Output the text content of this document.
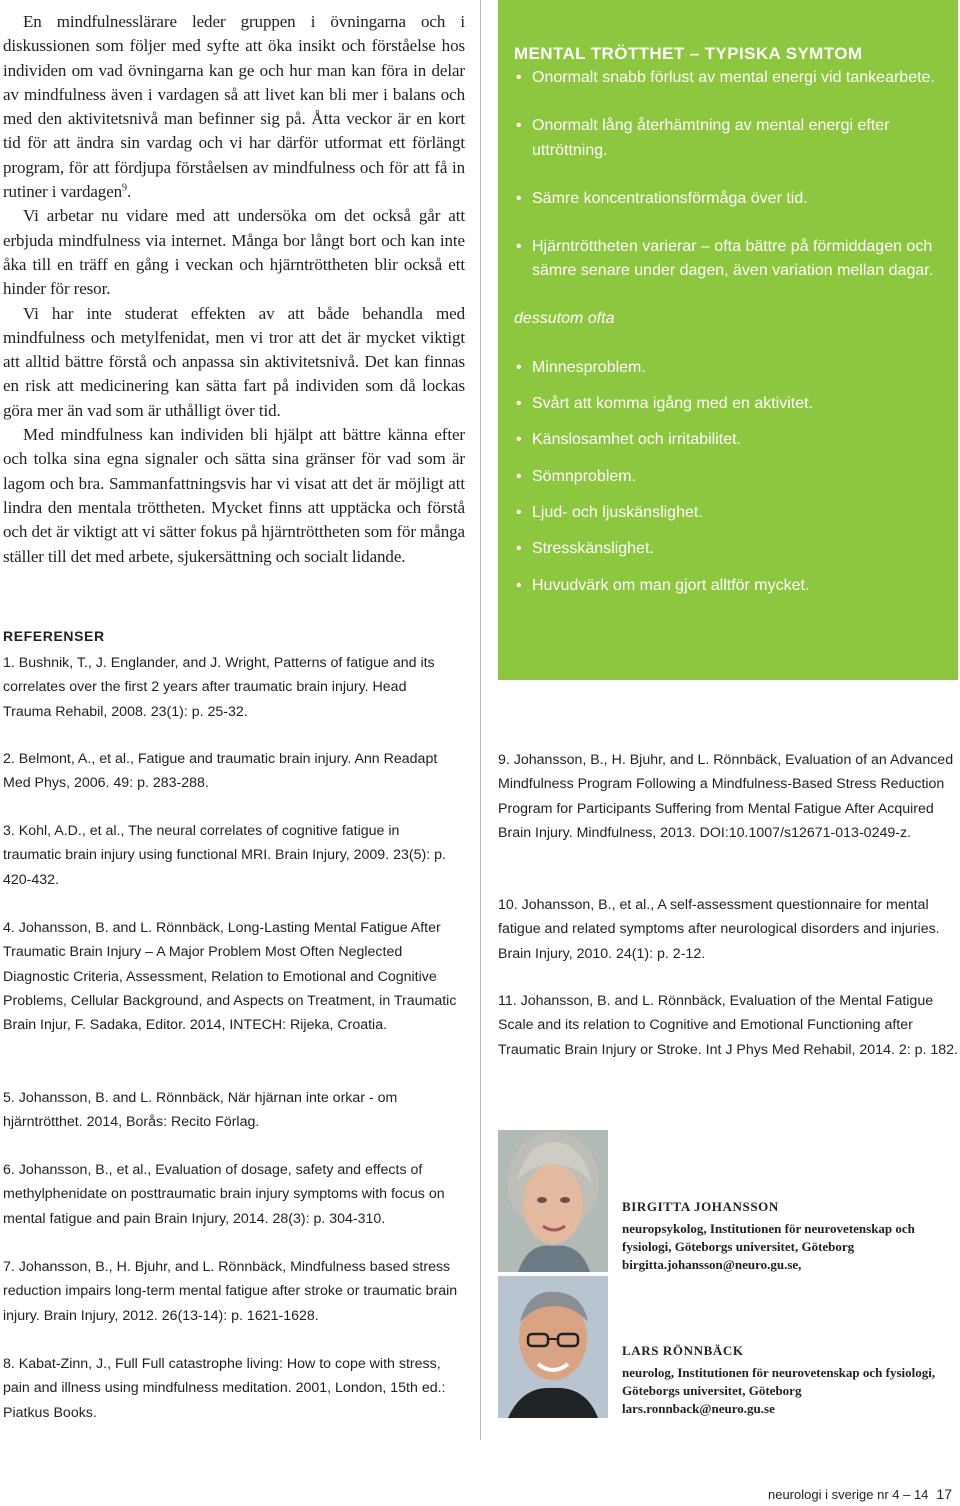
En mindfulnesslärare leder gruppen i övningarna och i diskussionen som följer med syfte att öka insikt och förståelse hos individen om vad övningarna kan ge och hur man kan föra in delar av mindfulness även i vardagen så att livet kan bli mer i balans och med den aktivitetsnivå man befinner sig på. Åtta veckor är en kort tid för att ändra sin vardag och vi har därför utformat ett förlängt program, för att fördjupa förståelsen av mindfulness och för att få in rutiner i vardagen$^9$.

Vi arbetar nu vidare med att undersöka om det också går att erbjuda mindfulness via internet. Många bor långt bort och kan inte åka till en träff en gång i veckan och hjärntröttheten blir också ett hinder för resor.

Vi har inte studerat effekten av att både behandla med mindfulness och metylfenidat, men vi tror att det är mycket viktigt att alltid bättre förstå och anpassa sin aktivitetsnivå. Det kan finnas en risk att medicinering kan sätta fart på individen som då lockas göra mer än vad som är uthålligt över tid.

Med mindfulness kan individen bli hjälpt att bättre känna efter och tolka sina egna signaler och sätta sina gränser för vad som är lagom och bra. Sammanfattningsvis har vi visat att det är möjligt att lindra den mentala tröttheten. Mycket finns att upptäcka och förstå och det är viktigt att vi sätter fokus på hjärntröttheten som för många ställer till det med arbete, sjukersättning och socialt lidande.

REFERENSER
1. Bushnik, T., J. Englander, and J. Wright, Patterns of fatigue and its correlates over the first 2 years after traumatic brain injury. Head Trauma Rehabil, 2008. 23(1): p. 25-32.
2. Belmont, A., et al., Fatigue and traumatic brain injury. Ann Readapt Med Phys, 2006. 49: p. 283-288.
3. Kohl, A.D., et al., The neural correlates of cognitive fatigue in traumatic brain injury using functional MRI. Brain Injury, 2009. 23(5): p. 420-432.
4. Johansson, B. and L. Rönnbäck, Long-Lasting Mental Fatigue After Traumatic Brain Injury – A Major Problem Most Often Neglected Diagnostic Criteria, Assessment, Relation to Emotional and Cognitive Problems, Cellular Background, and Aspects on Treatment, in Traumatic Brain Injur, F. Sadaka, Editor. 2014, INTECH: Rijeka, Croatia.
5. Johansson, B. and L. Rönnbäck, När hjärnan inte orkar - om hjärntrötthet. 2014, Borås: Recito Förlag.
6. Johansson, B., et al., Evaluation of dosage, safety and effects of methylphenidate on posttraumatic brain injury symptoms with focus on mental fatigue and pain Brain Injury, 2014. 28(3): p. 304-310.
7. Johansson, B., H. Bjuhr, and L. Rönnbäck, Mindfulness based stress reduction impairs long-term mental fatigue after stroke or traumatic brain injury. Brain Injury, 2012. 26(13-14): p. 1621-1628.
8. Kabat-Zinn, J., Full Full catastrophe living: How to cope with stress, pain and illness using mindfulness meditation. 2001, London, 15th ed.: Piatkus Books.
9. Johansson, B., H. Bjuhr, and L. Rönnbäck, Evaluation of an Advanced Mindfulness Program Following a Mindfulness-Based Stress Reduction Program for Participants Suffering from Mental Fatigue After Acquired Brain Injury. Mindfulness, 2013. DOI:10.1007/s12671-013-0249-z.
10. Johansson, B., et al., A self-assessment questionnaire for mental fatigue and related symptoms after neurological disorders and injuries. Brain Injury, 2010. 24(1): p. 2-12.
11. Johansson, B. and L. Rönnbäck, Evaluation of the Mental Fatigue Scale and its relation to Cognitive and Emotional Functioning after Traumatic Brain Injury or Stroke. Int J Phys Med Rehabil, 2014. 2: p. 182.
MENTAL TRÖTTHET – TYPISKA SYMTOM
• Onormalt snabb förlust av mental energi vid tankearbete.
• Onormalt lång återhämtning av mental energi efter uttröttning.
• Sämre koncentrationsförmåga över tid.
• Hjärntröttheten varierar – ofta bättre på förmiddagen och sämre senare under dagen, även variation mellan dagar.
dessutom ofta
• Minnesproblem.
• Svårt att komma igång med en aktivitet.
• Känslosamhet och irritabilitet.
• Sömnproblem.
• Ljud- och ljuskänslighet.
• Stresskänslighet.
• Huvudvärk om man gjort alltför mycket.
BIRGITTA JOHANSSON
neuropsykolog, Institutionen för neurovetenskap och fysiologi, Göteborgs universitet, Göteborg
birgitta.johansson@neuro.gu.se,
LARS RÖNNBÄCK
neurolog, Institutionen för neurovetenskap och fysiologi, Göteborgs universitet, Göteborg
lars.ronnback@neuro.gu.se
neurologi i sverige nr 4 – 14 17
